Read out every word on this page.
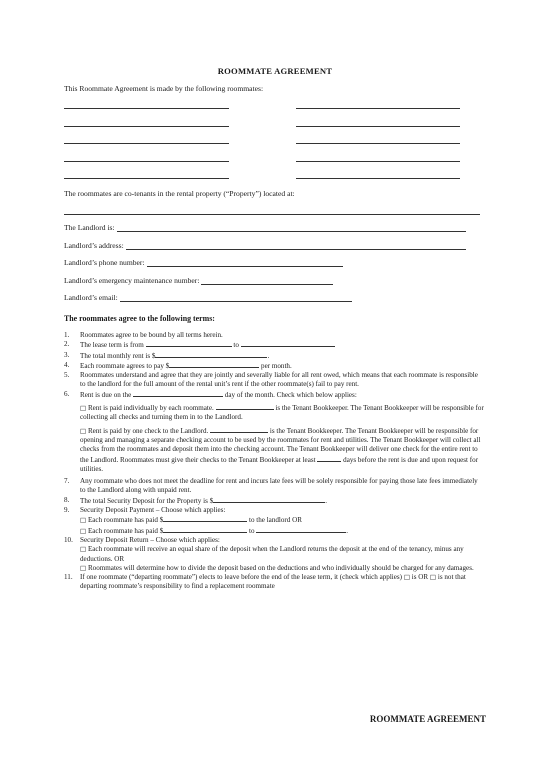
ROOMMATE AGREEMENT
This Roommate Agreement is made by the following roommates:
The roommates are co-tenants in the rental property (“Property”) located at:
The Landlord is:
Landlord’s address:
Landlord’s phone number:
Landlord’s emergency maintenance number:
Landlord’s email:
The roommates agree to the following terms:
1.	Roommates agree to be bound by all terms herein.
2.	The lease term is from	to
3.	The total monthly rent is $	.
4.	Each roommate agrees to pay $	per month.
5.	Roommates understand and agree that they are jointly and severally liable for all rent owed, which means that each roommate is responsible to the landlord for the full amount of the rental unit’s rent if the other roommate(s) fail to pay rent.
6.	Rent is due on the	day of the month. Check which below applies:
□ Rent is paid individually by each roommate.	is the Tenant Bookkeeper. The Tenant Bookkeeper will be responsible for collecting all checks and turning them in to the Landlord.
□ Rent is paid by one check to the Landlord.	is the Tenant Bookkeeper. The Tenant Bookkeeper will be responsible for opening and managing a separate checking account to be used by the roommates for rent and utilities. The Tenant Bookkeeper will collect all checks from the roommates and deposit them into the checking account. The Tenant Bookkeeper will deliver one check for the entire rent to the Landlord. Roommates must give their checks to the Tenant Bookkeeper at least	days before the rent is due and upon request for utilities.
7.	Any roommate who does not meet the deadline for rent and incurs late fees will be solely responsible for paying those late fees immediately to the Landlord along with unpaid rent.
8.	The total Security Deposit for the Property is $	.
9.	Security Deposit Payment – Choose which applies:
□ Each roommate has paid $	to the landlord OR
□ Each roommate has paid $	to	.
10.	Security Deposit Return – Choose which applies:
□ Each roommate will receive an equal share of the deposit when the Landlord returns the deposit at the end of the tenancy, minus any deductions. OR
□ Roommates will determine how to divide the deposit based on the deductions and who individually should be charged for any damages.
11.	If one roommate (“departing roommate”) elects to leave before the end of the lease term, it (check which applies) □ is OR □ is not that departing roommate’s responsibility to find a replacement roommate
ROOMMATE AGREEMENT
